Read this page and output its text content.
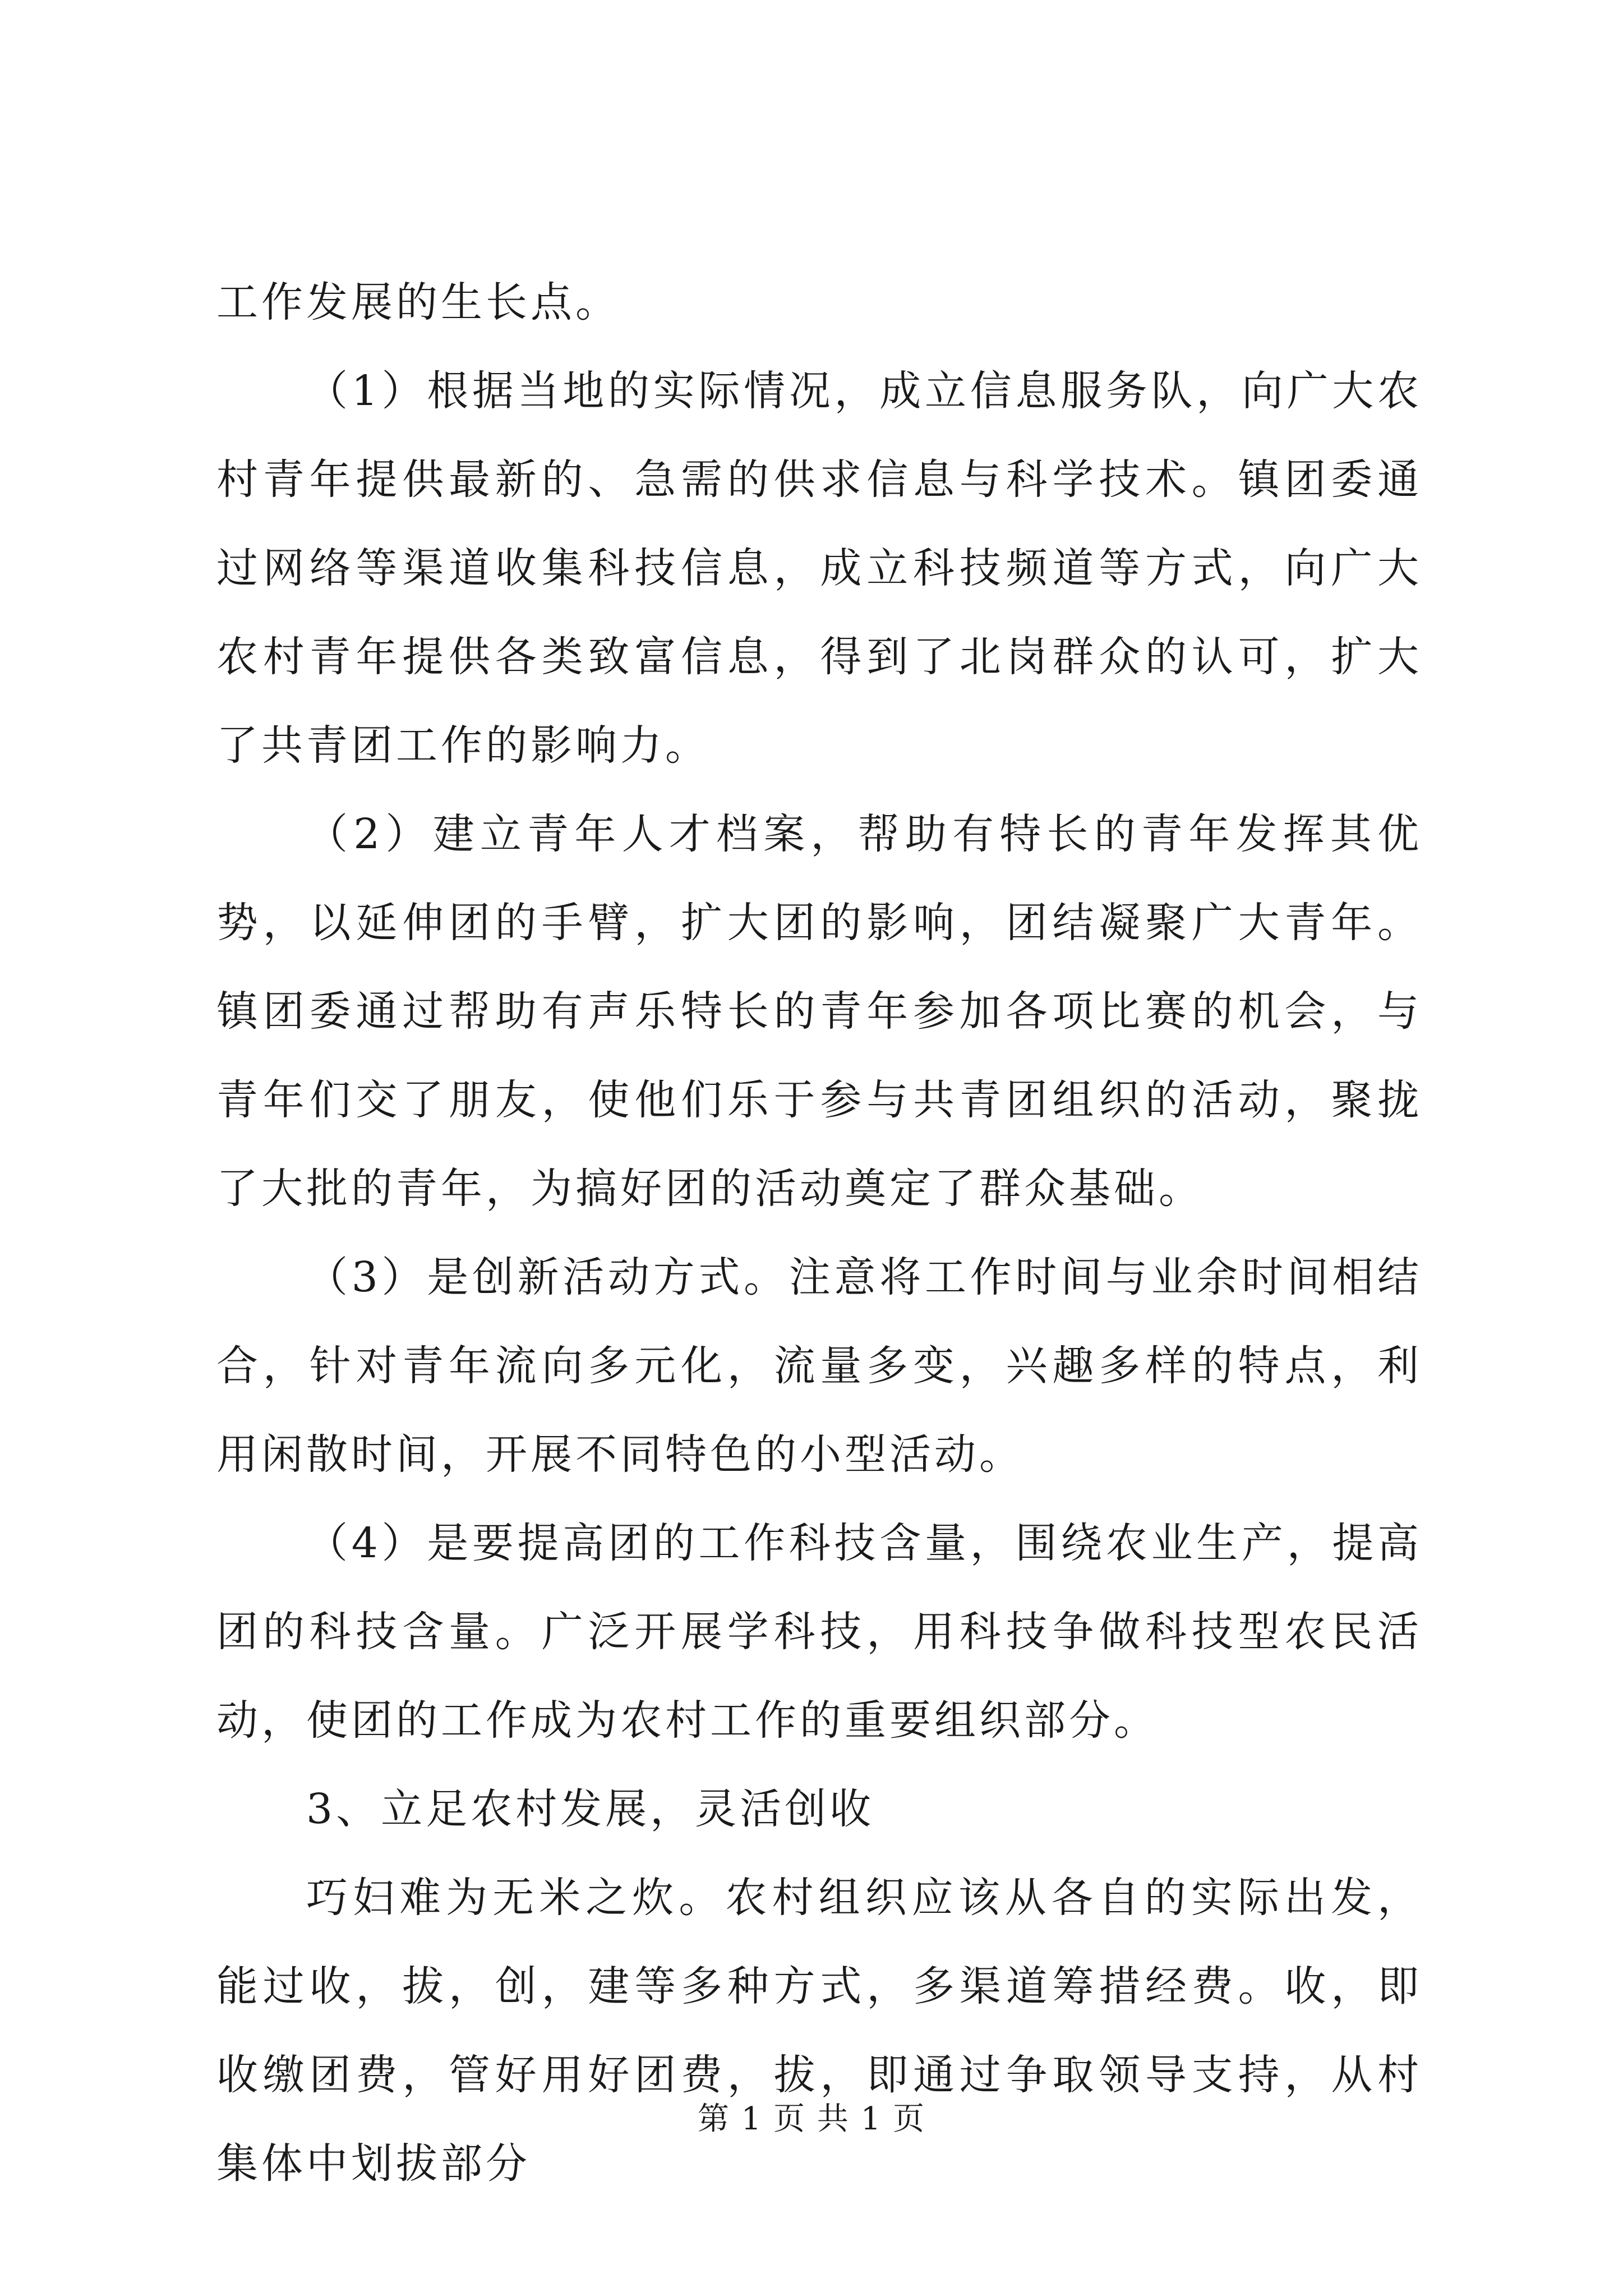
工作发展的生长点。

（1）根据当地的实际情况，成立信息服务队，向广大农村青年提供最新的、急需的供求信息与科学技术。镇团委通过网络等渠道收集科技信息，成立科技频道等方式，向广大农村青年提供各类致富信息，得到了北岗群众的认可，扩大了共青团工作的影响力。

（2）建立青年人才档案，帮助有特长的青年发挥其优势，以延伸团的手臂，扩大团的影响，团结凝聚广大青年。镇团委通过帮助有声乐特长的青年参加各项比赛的机会，与青年们交了朋友，使他们乐于参与共青团组织的活动，聚拢了大批的青年，为搞好团的活动奠定了群众基础。

（3）是创新活动方式。注意将工作时间与业余时间相结合，针对青年流向多元化，流量多变，兴趣多样的特点，利用闲散时间，开展不同特色的小型活动。

（4）是要提高团的工作科技含量，围绕农业生产，提高团的科技含量。广泛开展学科技，用科技争做科技型农民活动，使团的工作成为农村工作的重要组织部分。

3、立足农村发展，灵活创收

巧妇难为无米之炊。农村组织应该从各自的实际出发，能过收，拔，创，建等多种方式，多渠道筹措经费。收，即收缴团费，管好用好团费，拔，即通过争取领导支持，从村集体中划拔部分

第 1 页 共 1 页
